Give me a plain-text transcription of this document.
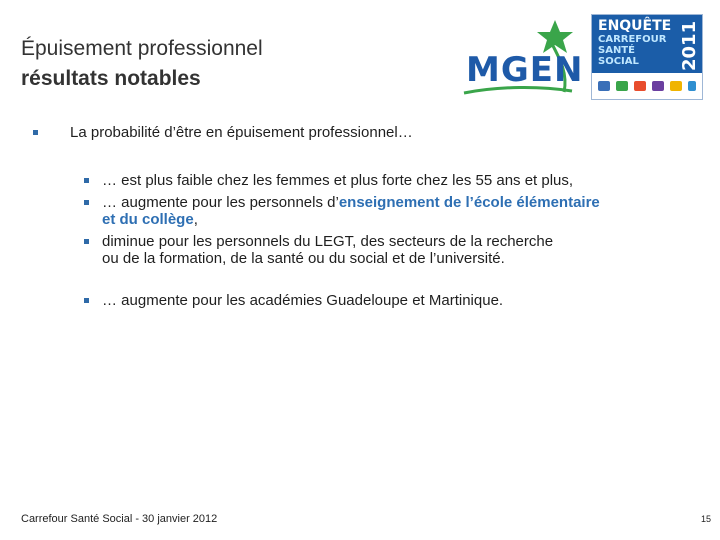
Épuisement professionnel
résultats notables	MGEN
ENQUÊTE
CARREFOUR
SANTÉ SOCIAL	2011
La probabilité d’être en épuisement professionnel…
… est plus faible chez les femmes et plus forte chez les 55 ans et plus,
… augmente pour les personnels d’enseignement de l’école élémentaire
et du collège,
diminue pour les personnels du LEGT, des secteurs de la recherche
ou de la formation, de la santé ou du social et de l’université.
… augmente pour les académies Guadeloupe et Martinique.
Carrefour Santé Social - 30 janvier 2012	15
